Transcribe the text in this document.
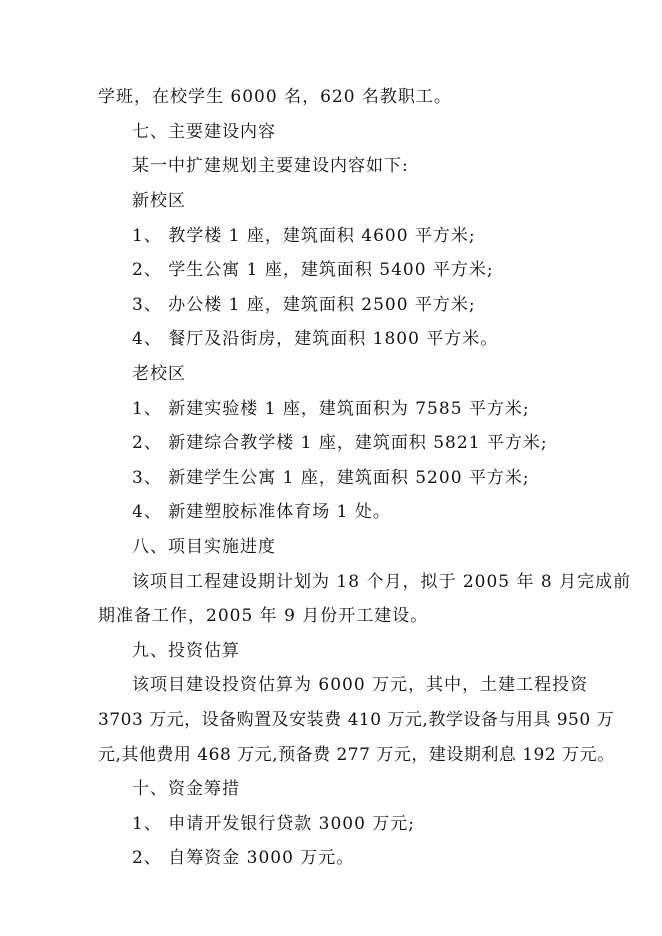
学班，在校学生 6000 名，620 名教职工。
七、主要建设内容
某一中扩建规划主要建设内容如下:
新校区
1、 教学楼 1 座，建筑面积 4600 平方米;
2、 学生公寓 1 座，建筑面积 5400 平方米;
3、 办公楼 1 座，建筑面积 2500 平方米;
4、 餐厅及沿街房，建筑面积 1800 平方米。
老校区
1、 新建实验楼 1 座，建筑面积为 7585 平方米;
2、 新建综合教学楼 1 座，建筑面积 5821 平方米;
3、 新建学生公寓 1 座，建筑面积 5200 平方米;
4、 新建塑胶标准体育场 1 处。
八、项目实施进度
该项目工程建设期计划为 18 个月，拟于 2005 年 8 月完成前
期准备工作，2005 年 9 月份开工建设。
九、投资估算
该项目建设投资估算为 6000 万元，其中，土建工程投资
3703 万元，设备购置及安装费 410 万元,教学设备与用具 950 万
元,其他费用 468 万元,预备费 277 万元，建设期利息 192 万元。
十、资金筹措
1、 申请开发银行贷款 3000 万元;
2、 自筹资金 3000 万元。
